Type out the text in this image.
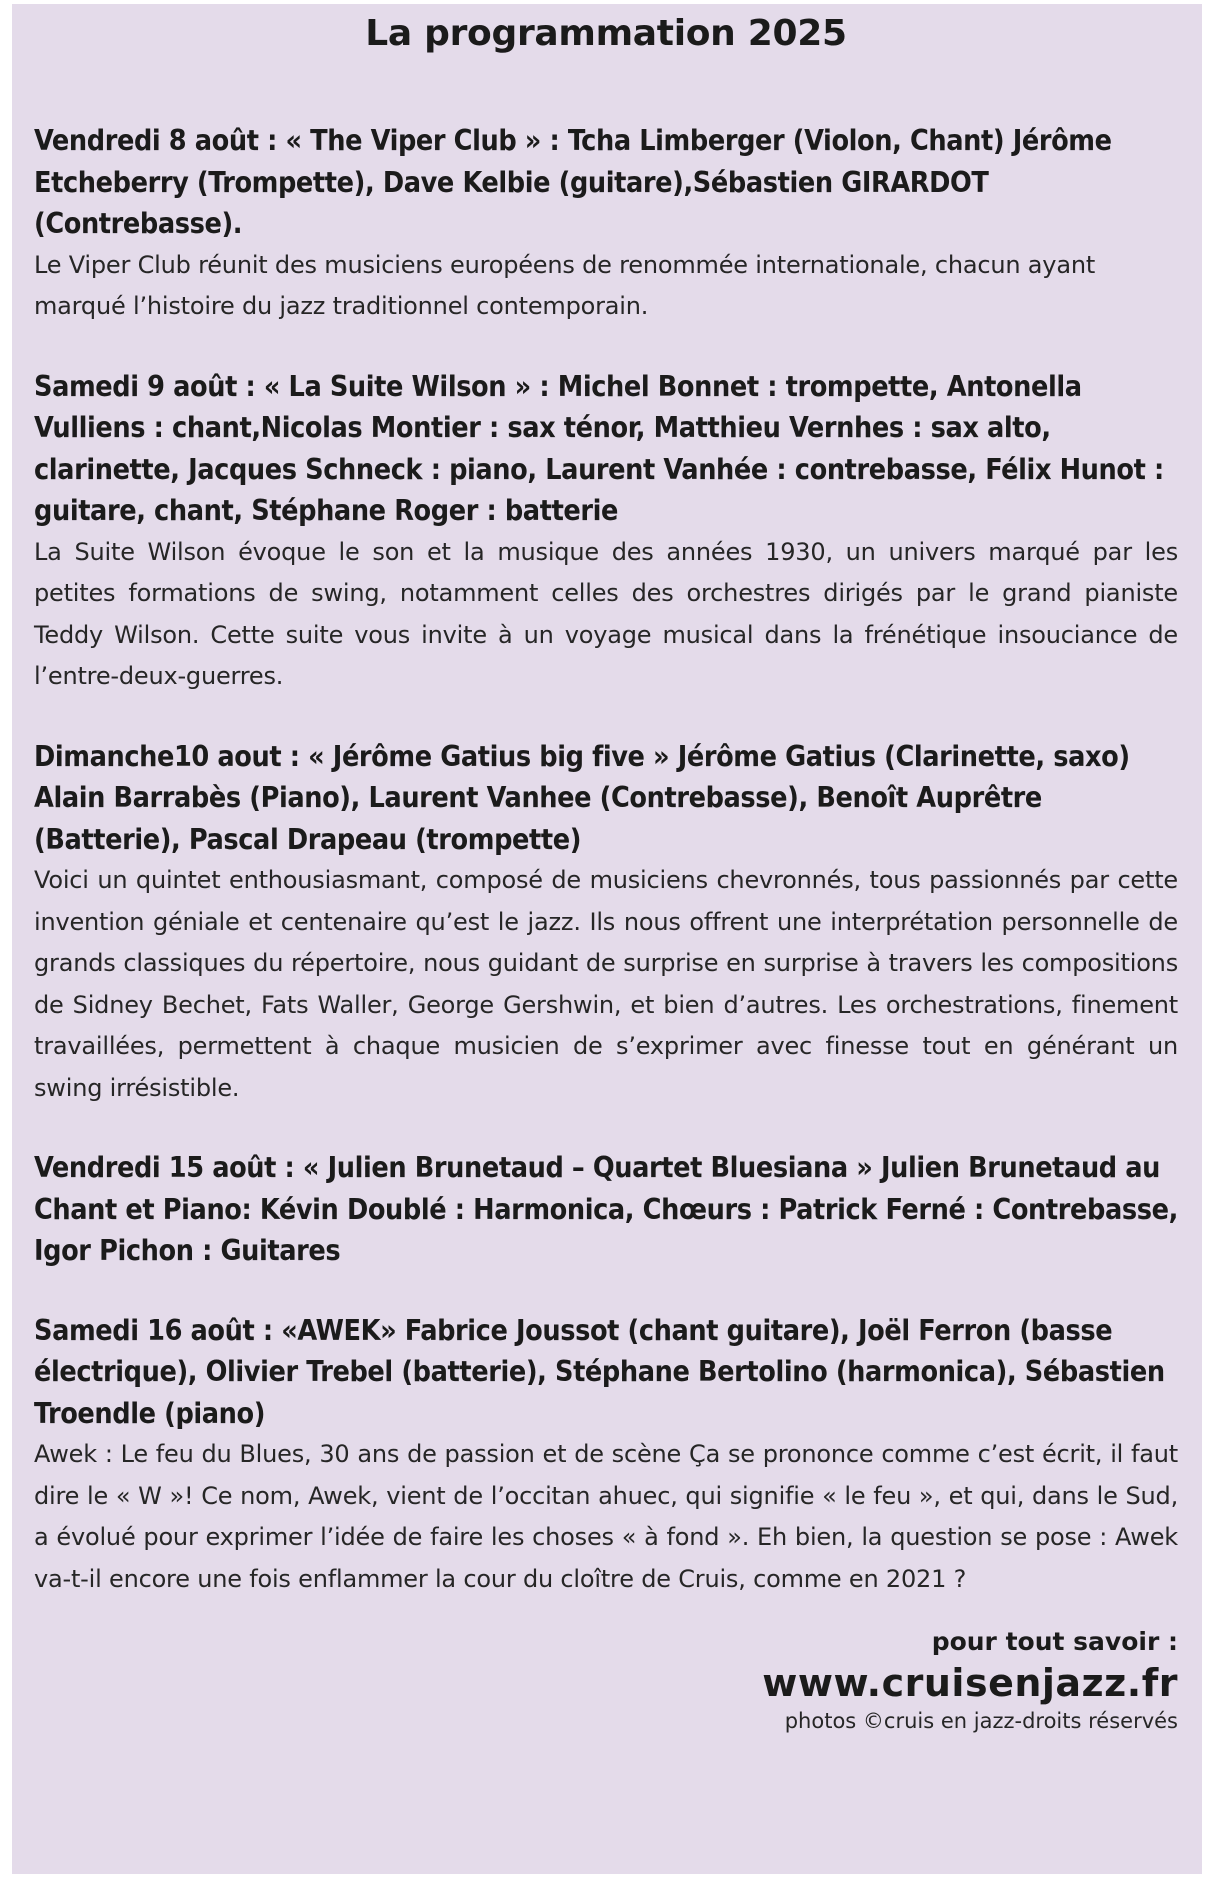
La programmation 2025

Vendredi 8 août : « The Viper Club » : Tcha Limberger (Violon, Chant) Jérôme Etcheberry (Trompette), Dave Kelbie (guitare),Sébastien GIRARDOT (Contrebasse).

Le Viper Club réunit des musiciens européens de renommée internationale, chacun ayant marqué l’histoire du jazz traditionnel contemporain.

Samedi 9 août : « La Suite Wilson » : Michel Bonnet : trompette, Antonella Vulliens : chant,Nicolas Montier : sax ténor, Matthieu Vernhes : sax alto, clarinette, Jacques Schneck : piano, Laurent Vanhée : contrebasse, Félix Hunot : guitare, chant, Stéphane Roger : batterie

La Suite Wilson évoque le son et la musique des années 1930, un univers marqué par les petites formations de swing, notamment celles des orchestres dirigés par le grand pianiste Teddy Wilson. Cette suite vous invite à un voyage musical dans la frénétique insouciance de l’entre-deux-guerres.

Dimanche10 aout : « Jérôme Gatius big five » Jérôme Gatius (Clarinette, saxo) Alain Barrabès (Piano), Laurent Vanhee (Contrebasse), Benoît Auprêtre (Batterie), Pascal Drapeau (trompette)

Voici un quintet enthousiasmant, composé de musiciens chevronnés, tous passionnés par cette invention géniale et centenaire qu’est le jazz. Ils nous offrent une interprétation personnelle de grands classiques du répertoire, nous guidant de surprise en surprise à travers les compositions de Sidney Bechet, Fats Waller, George Gershwin, et bien d’autres. Les orchestrations, finement travaillées, permettent à chaque musicien de s’exprimer avec finesse tout en générant un swing irrésistible.

Vendredi 15 août : « Julien Brunetaud – Quartet Bluesiana » Julien Brunetaud au Chant et Piano: Kévin Doublé : Harmonica, Chœurs : Patrick Ferné : Contrebasse, Igor Pichon : Guitares

Samedi 16 août : «AWEK» Fabrice Joussot (chant guitare), Joël Ferron (basse électrique), Olivier Trebel (batterie), Stéphane Bertolino (harmonica), Sébastien Troendle (piano)

Awek : Le feu du Blues, 30 ans de passion et de scène Ça se prononce comme c’est écrit, il faut dire le « W »! Ce nom, Awek, vient de l’occitan ahuec, qui signifie « le feu », et qui, dans le Sud, a évolué pour exprimer l’idée de faire les choses « à fond ». Eh bien, la question se pose : Awek va-t-il encore une fois enflammer la cour du cloître de Cruis, comme en 2021 ?

pour tout savoir :
www.cruisenjazz.fr
photos ©cruis en jazz-droits réservés
